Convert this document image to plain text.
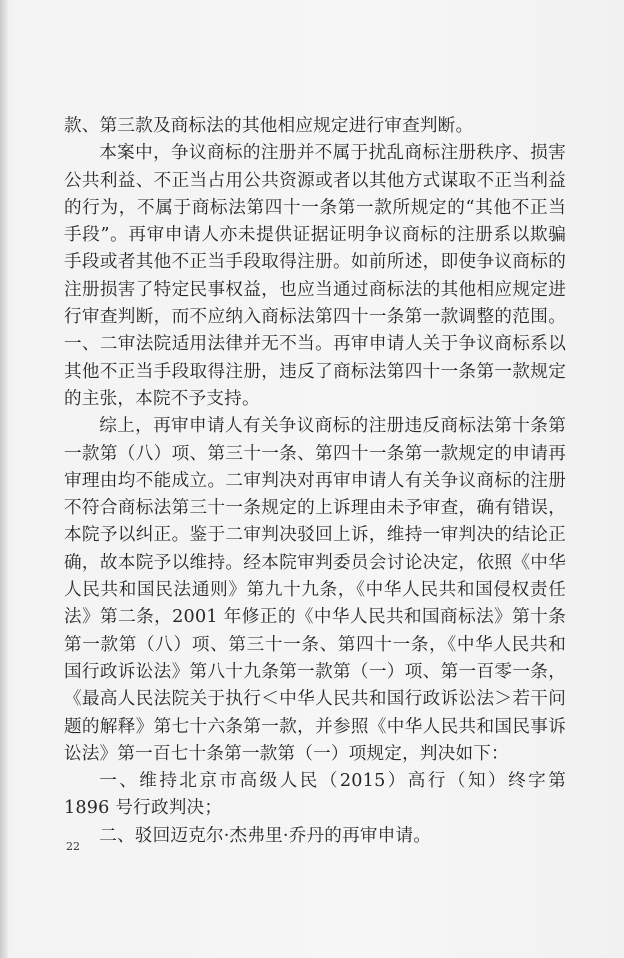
款、第三款及商标法的其他相应规定进行审查判断。

本案中，争议商标的注册并不属于扰乱商标注册秩序、损害公共利益、不正当占用公共资源或者以其他方式谋取不正当利益的行为，不属于商标法第四十一条第一款所规定的“其他不正当手段”。再审申请人亦未提供证据证明争议商标的注册系以欺骗手段或者其他不正当手段取得注册。如前所述，即使争议商标的注册损害了特定民事权益，也应当通过商标法的其他相应规定进行审查判断，而不应纳入商标法第四十一条第一款调整的范围。一、二审法院适用法律并无不当。再审申请人关于争议商标系以其他不正当手段取得注册，违反了商标法第四十一条第一款规定的主张，本院不予支持。

综上，再审申请人有关争议商标的注册违反商标法第十条第一款第（八）项、第三十一条、第四十一条第一款规定的申请再审理由均不能成立。二审判决对再审申请人有关争议商标的注册不符合商标法第三十一条规定的上诉理由未予审查，确有错误，本院予以纠正。鉴于二审判决驳回上诉，维持一审判决的结论正确，故本院予以维持。经本院审判委员会讨论决定，依照《中华人民共和国民法通则》第九十九条，《中华人民共和国侵权责任法》第二条，2001 年修正的《中华人民共和国商标法》第十条第一款第（八）项、第三十一条、第四十一条，《中华人民共和国行政诉讼法》第八十九条第一款第（一）项、第一百零一条，《最高人民法院关于执行＜中华人民共和国行政诉讼法＞若干问题的解释》第七十六条第一款，并参照《中华人民共和国民事诉讼法》第一百七十条第一款第（一）项规定，判决如下：

一、维持北京市高级人民（2015）高行（知）终字第 1896 号行政判决；

二、驳回迈克尔·杰弗里·乔丹的再审申请。

22
